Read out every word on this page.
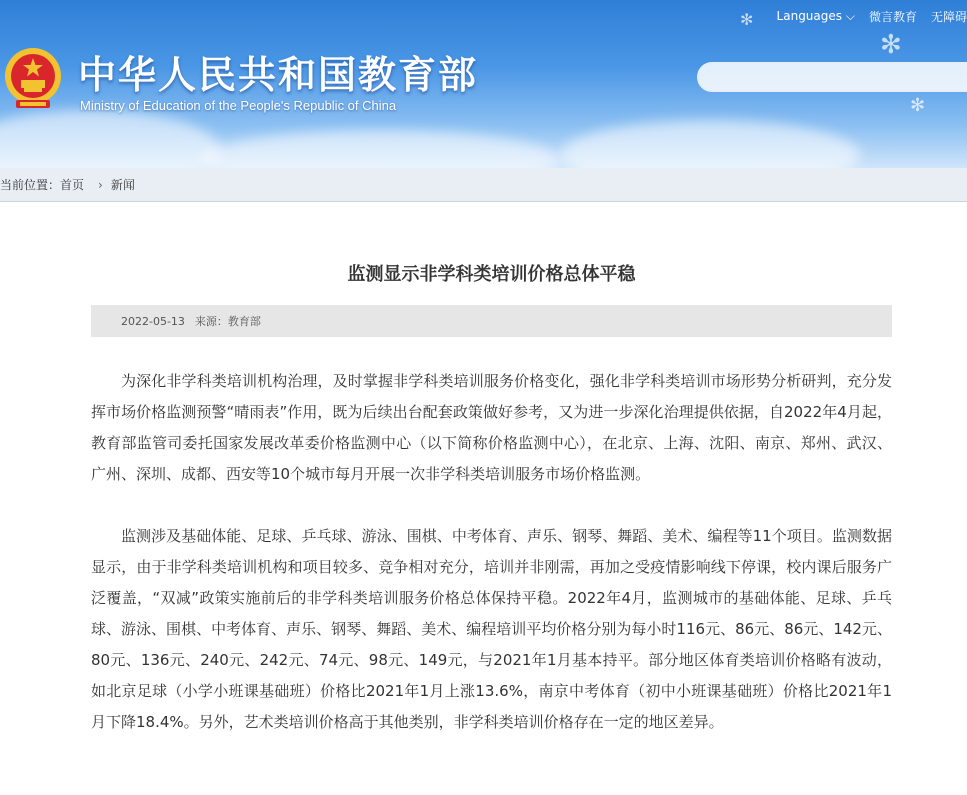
✻
✻
✻ Languages ⌵ 微言教育 无障碍
中华人民共和国教育部
Ministry of Education of the People's Republic of China
当前位置： 首页 › 新闻
监测显示非学科类培训价格总体平稳
2022-05-13 来源：教育部

为深化非学科类培训机构治理，及时掌握非学科类培训服务价格变化，强化非学科类培训市场形势分析研判，充分发挥市场价格监测预警“晴雨表”作用，既为后续出台配套政策做好参考，又为进一步深化治理提供依据，自2022年4月起，教育部监管司委托国家发展改革委价格监测中心（以下简称价格监测中心），在北京、上海、沈阳、南京、郑州、武汉、广州、深圳、成都、西安等10个城市每月开展一次非学科类培训服务市场价格监测。

监测涉及基础体能、足球、乒乓球、游泳、围棋、中考体育、声乐、钢琴、舞蹈、美术、编程等11个项目。监测数据显示，由于非学科类培训机构和项目较多、竞争相对充分，培训并非刚需，再加之受疫情影响线下停课，校内课后服务广泛覆盖，“双减”政策实施前后的非学科类培训服务价格总体保持平稳。2022年4月，监测城市的基础体能、足球、乒乓球、游泳、围棋、中考体育、声乐、钢琴、舞蹈、美术、编程培训平均价格分别为每小时116元、86元、86元、142元、80元、136元、240元、242元、74元、98元、149元，与2021年1月基本持平。部分地区体育类培训价格略有波动，如北京足球（小学小班课基础班）价格比2021年1月上涨13.6%，南京中考体育（初中小班课基础班）价格比2021年1月下降18.4%。另外，艺术类培训价格高于其他类别，非学科类培训价格存在一定的地区差异。
